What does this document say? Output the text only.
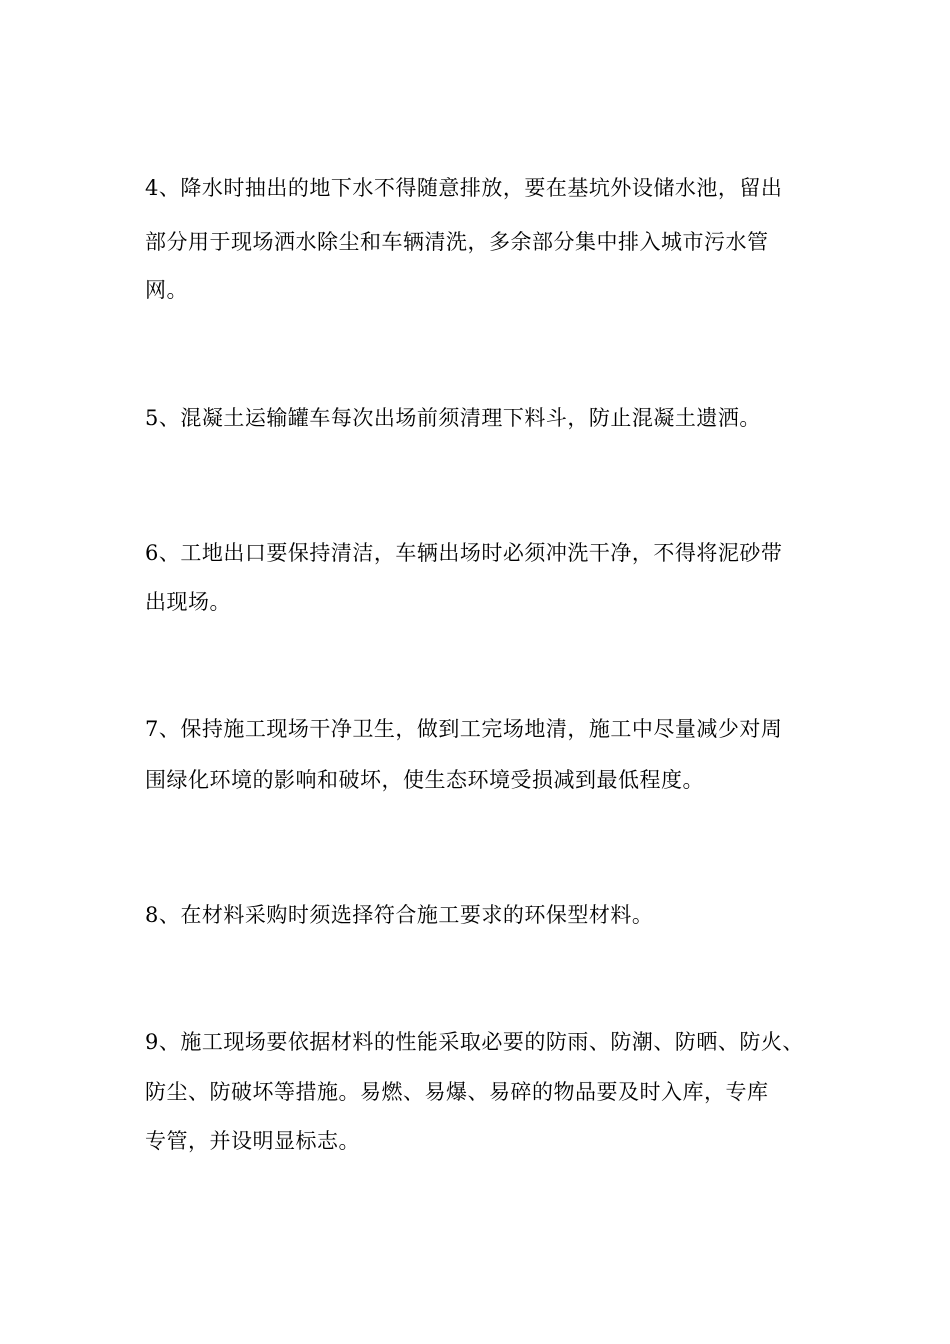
4、降水时抽出的地下水不得随意排放，要在基坑外设储水池，留出

部分用于现场洒水除尘和车辆清洗，多余部分集中排入城市污水管

网。

5、混凝土运输罐车每次出场前须清理下料斗，防止混凝土遗洒。

6、工地出口要保持清洁，车辆出场时必须冲洗干净，不得将泥砂带

出现场。

7、保持施工现场干净卫生，做到工完场地清，施工中尽量减少对周

围绿化环境的影响和破坏，使生态环境受损减到最低程度。

8、在材料采购时须选择符合施工要求的环保型材料。

9、施工现场要依据材料的性能采取必要的防雨、防潮、防晒、防火、

防尘、防破坏等措施。易燃、易爆、易碎的物品要及时入库，专库

专管，并设明显标志。
